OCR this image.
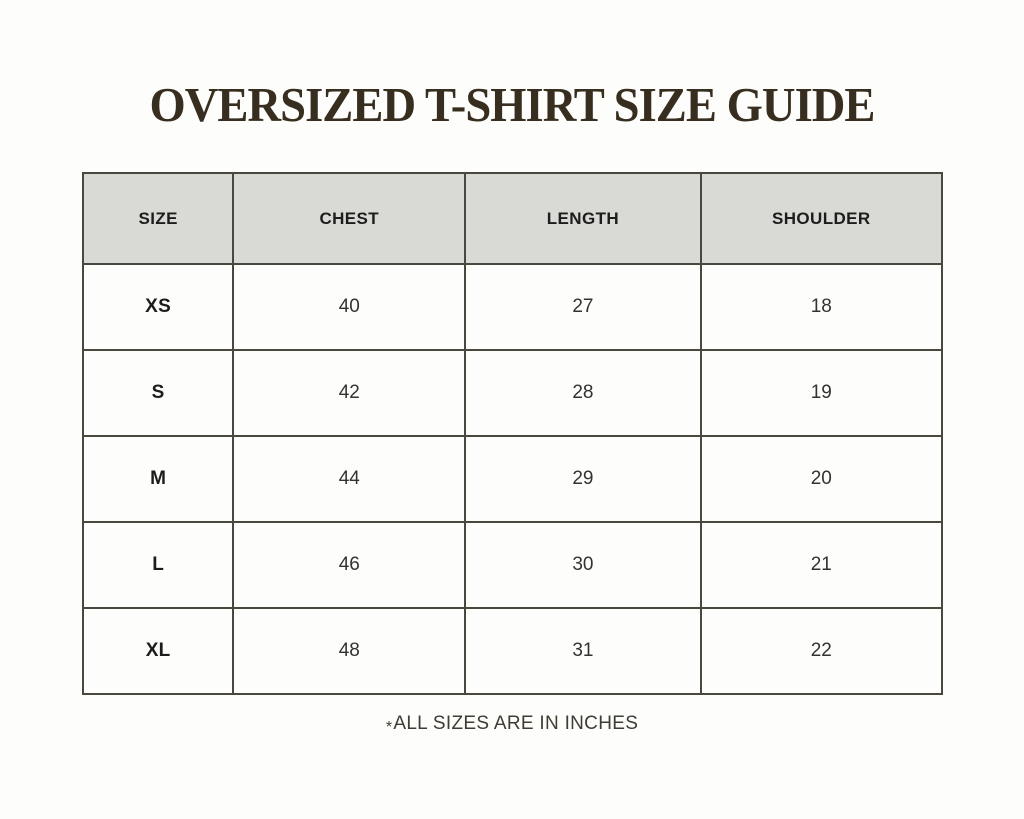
OVERSIZED T-SHIRT SIZE GUIDE
SIZE	CHEST	LENGTH	SHOULDER
XS	40	27	18
S	42	28	19
M	44	29	20
L	46	30	21
XL	48	31	22
*ALL SIZES ARE IN INCHES
